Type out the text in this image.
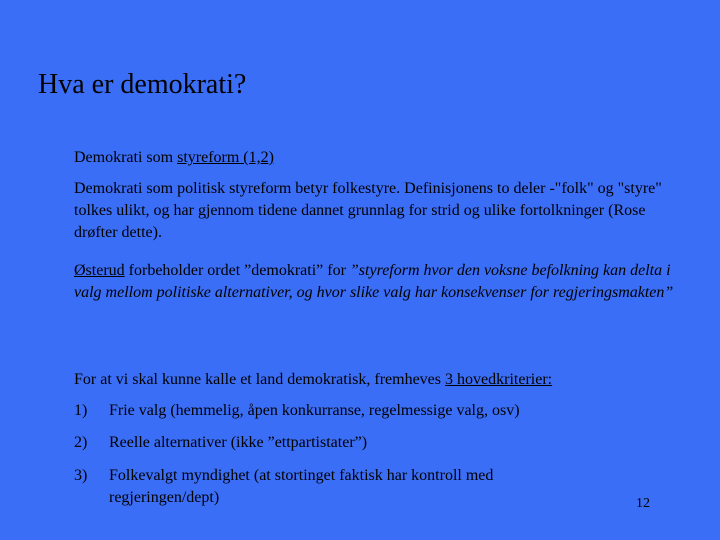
Hva er demokrati?
Demokrati som styreform (1,2)
Demokrati som politisk styreform betyr folkestyre. Definisjonens to deler -"folk" og "styre" tolkes ulikt, og har gjennom tidene dannet grunnlag for strid og ulike fortolkninger (Rose drøfter dette).
Østerud forbeholder ordet ”demokrati” for ”styreform hvor den voksne befolkning kan delta i valg mellom politiske alternativer, og hvor slike valg har konsekvenser for regjeringsmakten”
For at vi skal kunne kalle et land demokratisk, fremheves 3 hovedkriterier:
1)	Frie valg (hemmelig, åpen konkurranse, regelmessige valg, osv)
2)	Reelle alternativer (ikke ”ettpartistater”)
3)	Folkevalgt myndighet (at stortinget faktisk har kontroll med regjeringen/dept)	12
